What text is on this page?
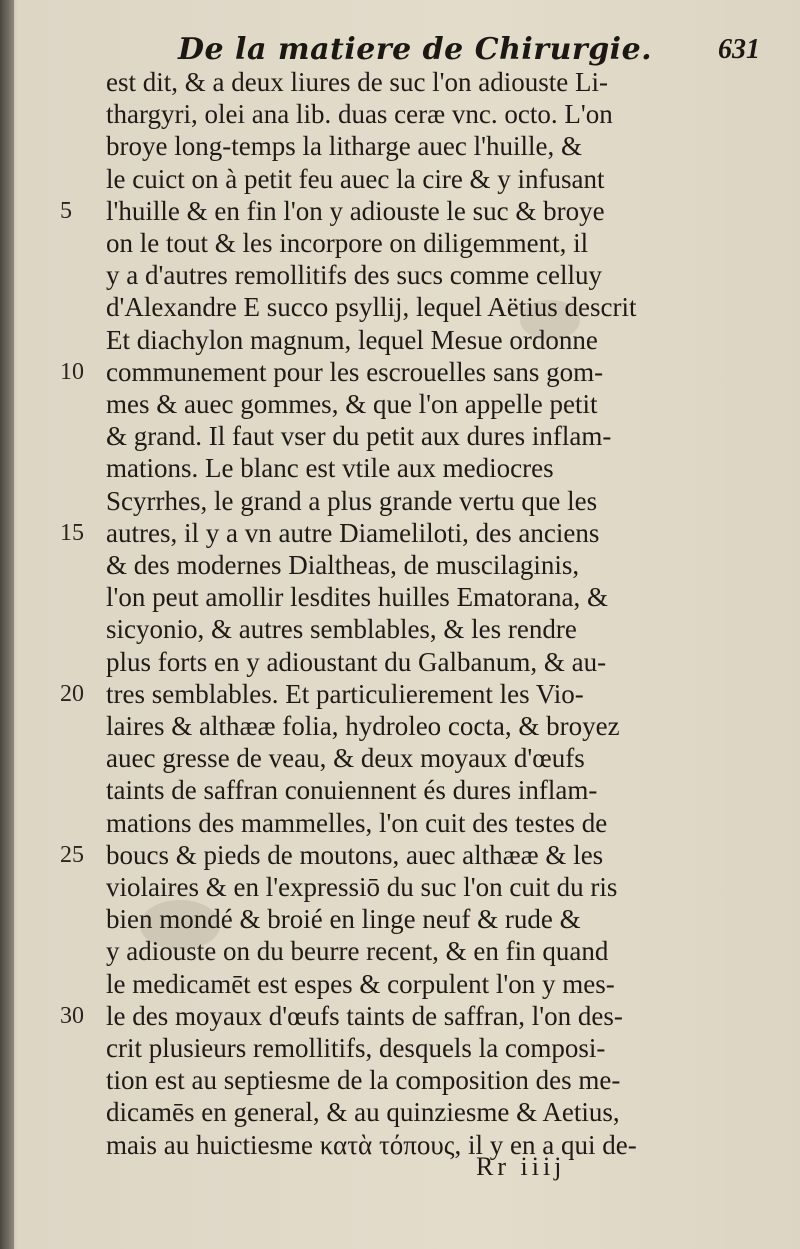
De la matiere de Chirurgie. 631
est dit, & a deux liures de suc l'on adiouste Li-
thargyri, olei ana lib. duas ceræ vnc. octo. L'on
broye long-temps la litharge auec l'huille, &
le cuict on à petit feu auec la cire & y infusant
l'huille & en fin l'on y adiouste le suc & broye
on le tout & les incorpore on diligemment, il
y a d'autres remollitifs des sucs comme celluy
d'Alexandre E succo psyllij, lequel Aëtius descrit
Et diachylon magnum, lequel Mesue ordonne
communement pour les escrouelles sans gom-
mes & auec gommes, & que l'on appelle petit
& grand. Il faut vser du petit aux dures inflam-
mations. Le blanc est vtile aux mediocres
Scyrrhes, le grand a plus grande vertu que les
autres, il y a vn autre Diameliloti, des anciens
& des modernes Dialtheas, de muscilaginis,
l'on peut amollir lesdites huilles Ematorana, &
sicyonio, & autres semblables, & les rendre
plus forts en y adioustant du Galbanum, & au-
tres semblables. Et particulierement les Vio-
laires & althææ folia, hydroleo cocta, & broyez
auec gresse de veau, & deux moyaux d'œufs
taints de saffran conuiennent és dures inflam-
mations des mammelles, l'on cuit des testes de
boucs & pieds de moutons, auec althææ & les
violaires & en l'expressiō du suc l'on cuit du ris
bien mondé & broié en linge neuf & rude &
y adiouste on du beurre recent, & en fin quand
le medicamēt est espes & corpulent l'on y mes-
le des moyaux d'œufs taints de saffran, l'on des-
crit plusieurs remollitifs, desquels la composi-
tion est au septiesme de la composition des me-
dicamēs en general, & au quinziesme & Aetius,
mais au huictiesme κατὰ τόπους, il y en a qui de-
5
10
15
20
25
30
Rr iiij
